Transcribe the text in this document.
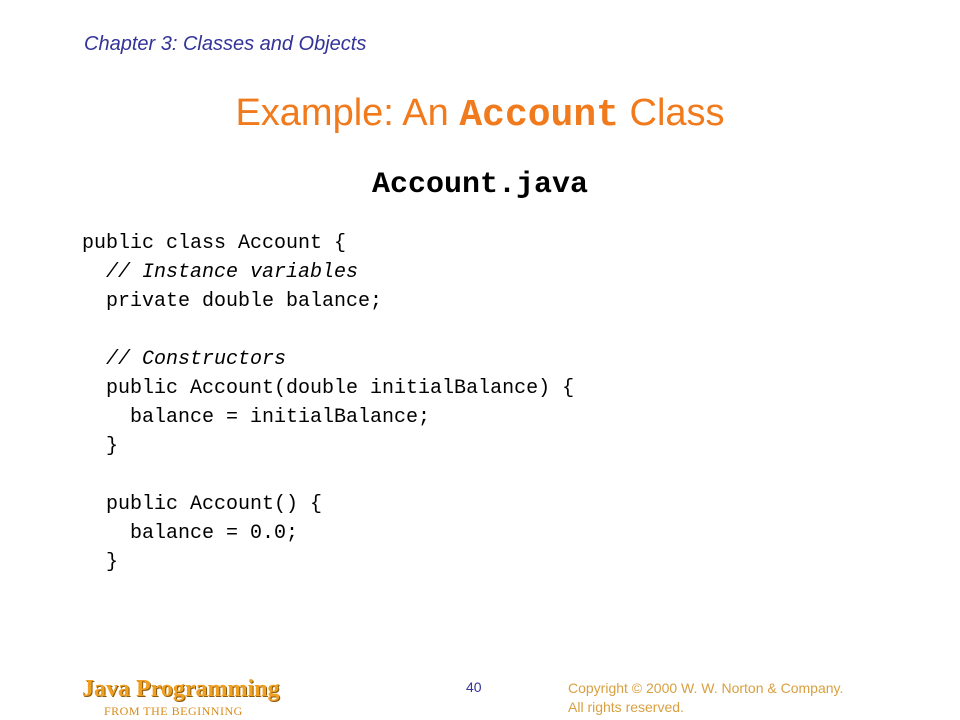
Chapter 3: Classes and Objects
Example: An Account Class
Account.java
public class Account {
// Instance variables
private double balance;
// Constructors
public Account(double initialBalance) {
balance = initialBalance;
}
public Account() {
balance = 0.0;
}
Java Programming
FROM THE BEGINNING
40	Copyright © 2000 W. W. Norton & Company.
All rights reserved.
